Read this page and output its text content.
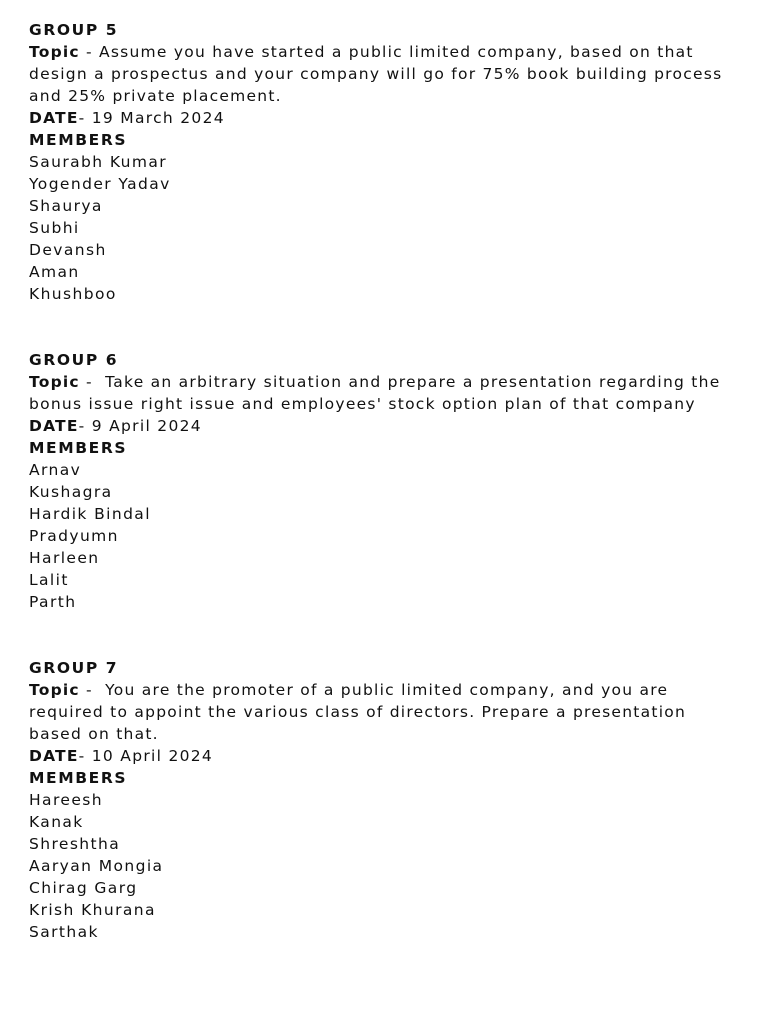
GROUP 5
Topic - Assume you have started a public limited company, based on that design a prospectus and your company will go for 75% book building process and 25% private placement.
DATE- 19 March 2024
MEMBERS
Saurabh Kumar
Yogender Yadav
Shaurya
Subhi
Devansh
Aman
Khushboo
GROUP 6
Topic -  Take an arbitrary situation and prepare a presentation regarding the bonus issue right issue and employees' stock option plan of that company
DATE- 9 April 2024
MEMBERS
Arnav
Kushagra
Hardik Bindal
Pradyumn
Harleen
Lalit
Parth
GROUP 7
Topic -  You are the promoter of a public limited company, and you are required to appoint the various class of directors. Prepare a presentation based on that.
DATE- 10 April 2024
MEMBERS
Hareesh
Kanak
Shreshtha
Aaryan Mongia
Chirag Garg
Krish Khurana
Sarthak
